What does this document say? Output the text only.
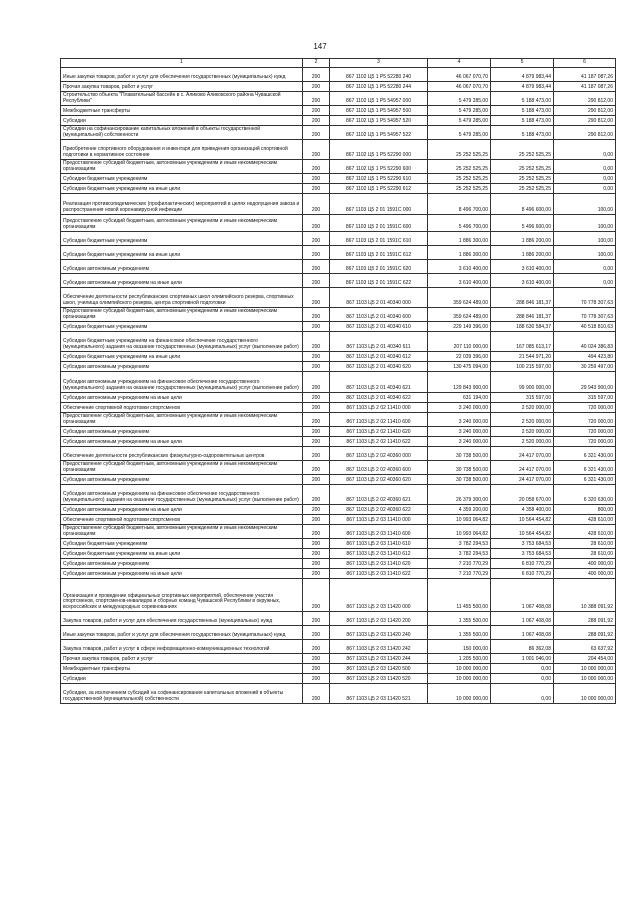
147
1	2	3	4	5	6
Иные закупки товаров, работ и услуг для обеспечения государственных (муниципальных) нужд	200	867 1102 Ц5 1 P5 52280 240	46 067 070,70	4 879 983,44	41 187 087,26
Прочая закупка товаров, работ и услуг	200	867 1102 Ц5 1 P5 52280 244	46 067 070,70	4 879 983,44	41 187 087,26
Строительство объекта "Плавательный бассейн в с. Аликово Аликовского района Чувашской Республики"	200	867 1102 Ц5 1 P5 54957 000	5 479 285,00	5 188 473,00	290 812,00
Межбюджетные трансферты	200	867 1102 Ц5 1 P5 54957 500	5 479 285,00	5 188 473,00	290 812,00
Субсидии	200	867 1102 Ц5 1 P5 54957 520	5 479 285,00	5 188 473,00	290 812,00
Субсидии на софинансирование капитальных вложений в объекты государственной (муниципальной) собственности	200	867 1102 Ц5 1 P5 54957 522	5 479 285,00	5 188 473,00	290 812,00
Приобретение спортивного оборудования и инвентаря для приведения организаций спортивной подготовки в нормативное состояние	200	867 1102 Ц5 1 P5 52290 000	25 252 525,25	25 252 525,25	0,00
Предоставление субсидий бюджетным, автономным учреждениям и иным некоммерческим организациям	200	867 1102 Ц5 1 P5 52290 600	25 252 525,25	25 252 525,25	0,00
Субсидии бюджетным учреждениям	200	867 1102 Ц5 1 P5 52290 610	25 252 525,25	25 252 525,25	0,00
Субсидии бюджетным учреждениям на иные цели	200	867 1102 Ц5 1 P5 52290 612	25 252 525,25	25 252 525,25	0,00
Реализация противоэпидемических (профилактических) мероприятий в целях недопущения завоза и распространения новой коронавирусной инфекции	200	867 1103 Ц5 2 01 1591C 000	8 496 700,00	8 496 600,00	100,00
Предоставление субсидий бюджетным, автономным учреждениям и иным некоммерческим организациям	200	867 1103 Ц5 2 01 1591C 600	5 496 700,00	5 496 600,00	100,00
Субсидии бюджетным учреждениям	200	867 1103 Ц5 2 01 1591C 610	1 886 300,00	1 886 200,00	100,00
Субсидии бюджетным учреждениям на иные цели	200	867 1103 Ц5 2 01 1591C 612	1 886 300,00	1 886 200,00	100,00
Субсидии автономным учреждениям	200	867 1103 Ц5 2 01 1591C 620	3 610 400,00	3 610 400,00	0,00
Субсидии автономным учреждениям на иные цели	200	867 1103 Ц5 2 01 1591C 622	3 610 400,00	3 610 400,00	0,00
Обеспечение деятельности республиканских спортивных школ олимпийского резерва, спортивных школ, училища олимпийского резерва, центра спортивной подготовки	200	867 1103 Ц5 2 01 40340 000	359 624 489,00	288 846 181,37	70 778 307,63
Предоставление субсидий бюджетным, автономным учреждениям и иным некоммерческим организациям	200	867 1103 Ц5 2 01 40340 600	359 624 489,00	288 846 181,37	70 778 307,63
Субсидии бюджетным учреждениям	200	867 1103 Ц5 2 01 40340 610	229 149 396,00	188 630 584,37	40 518 810,63
Субсидии бюджетным учреждениям на финансовое обеспечение государственного (муниципального) задания на оказание государственных (муниципальных) услуг (выполнение работ)	200	867 1103 Ц5 2 01 40340 611	207 110 000,00	167 085 613,17	40 024 386,83
Субсидии бюджетным учреждениям на иные цели	200	867 1103 Ц5 2 01 40340 612	22 039 396,00	21 544 971,20	494 423,80
Субсидии автономным учреждениям	200	867 1103 Ц5 2 01 40340 620	130 475 094,00	100 215 597,00	30 259 497,00
Субсидии автономным учреждениям на финансовое обеспечение государственного (муниципального) задания на оказание государственных (муниципальных) услуг (выполнение работ)	200	867 1103 Ц5 2 01 40340 621	129 843 900,00	99 900 000,00	29 943 900,00
Субсидии автономным учреждениям на иные цели	200	867 1103 Ц5 2 01 40340 622	631 194,00	315 597,00	315 597,00
Обеспечение спортивной подготовки спортсменов	200	867 1103 Ц5 2 02 11410 000	3 240 000,00	2 520 000,00	720 000,00
Предоставление субсидий бюджетным, автономным учреждениям и иным некоммерческим организациям	200	867 1103 Ц5 2 02 11410 600	3 240 000,00	2 520 000,00	720 000,00
Субсидии автономным учреждениям	200	867 1103 Ц5 2 02 11410 620	3 240 000,00	2 520 000,00	720 000,00
Субсидии автономным учреждениям на иные цели	200	867 1103 Ц5 2 02 11410 622	3 240 000,00	2 520 000,00	720 000,00
Обеспечение деятельности республиканских физкультурно-оздоровительных центров	200	867 1103 Ц5 2 02 40360 000	30 738 500,00	24 417 070,00	6 321 430,00
Предоставление субсидий бюджетным, автономным учреждениям и иным некоммерческим организациям	200	867 1103 Ц5 2 02 40360 600	30 738 500,00	24 417 070,00	6 321 430,00
Субсидии автономным учреждениям	200	867 1103 Ц5 2 02 40360 620	30 738 500,00	24 417 070,00	6 321 430,00
Субсидии автономным учреждениям на финансовое обеспечение государственного (муниципального) задания на оказание государственных (муниципальных) услуг (выполнение работ)	200	867 1103 Ц5 2 02 40360 621	26 379 300,00	20 058 670,00	6 320 630,00
Субсидии автономным учреждениям на иные цели	200	867 1103 Ц5 2 02 40360 622	4 359 200,00	4 358 400,00	800,00
Обеспечение спортивной подготовки спортсменов	200	867 1103 Ц5 2 03 11410 000	10 993 064,82	10 564 454,82	428 610,00
Предоставление субсидий бюджетным, автономным учреждениям и иным некоммерческим организациям	200	867 1103 Ц5 2 03 11410 600	10 993 064,82	10 564 454,82	428 610,00
Субсидии бюджетным учреждениям	200	867 1103 Ц5 2 03 11410 610	3 782 294,53	3 753 684,53	28 610,00
Субсидии бюджетным учреждениям на иные цели	200	867 1103 Ц5 2 03 11410 612	3 782 294,53	3 753 684,53	28 610,00
Субсидии автономным учреждениям	200	867 1103 Ц5 2 03 11410 620	7 210 770,29	6 810 770,29	400 000,00
Субсидии автономным учреждениям на иные цели	200	867 1103 Ц5 2 03 11410 622	7 210 770,29	6 810 770,29	400 000,00
Организация и проведение официальных спортивных мероприятий, обеспечение участия спортсменов, спортсменов-инвалидов и сборных команд Чувашской Республики в окружных, всероссийских и международных соревнованиях	200	867 1103 Ц5 2 03 11420 000	11 455 500,00	1 067 408,08	10 388 091,92
Закупка товаров, работ и услуг для обеспечения государственных (муниципальных) нужд	200	867 1103 Ц5 2 03 11420 200	1 355 500,00	1 067 408,08	288 091,92
Иные закупки товаров, работ и услуг для обеспечения государственных (муниципальных) нужд	200	867 1103 Ц5 2 03 11420 240	1 355 500,00	1 067 408,08	288 091,92
Закупка товаров, работ и услуг в сфере информационно-коммуникационных технологий	200	867 1103 Ц5 2 03 11420 242	150 000,00	86 362,08	63 637,92
Прочая закупка товаров, работ и услуг	200	867 1103 Ц5 2 03 11420 244	1 205 500,00	1 001 046,00	204 454,00
Межбюджетные трансферты	200	867 1103 Ц5 2 03 11420 500	10 000 000,00	0,00	10 000 000,00
Субсидии	200	867 1103 Ц5 2 03 11420 520	10 000 000,00	0,00	10 000 000,00
Субсидии, за исключением субсидий на софинансирование капитальных вложений в объекты государственной (муниципальной) собственности	200	867 1103 Ц5 2 03 11420 521	10 000 000,00	0,00	10 000 000,00
